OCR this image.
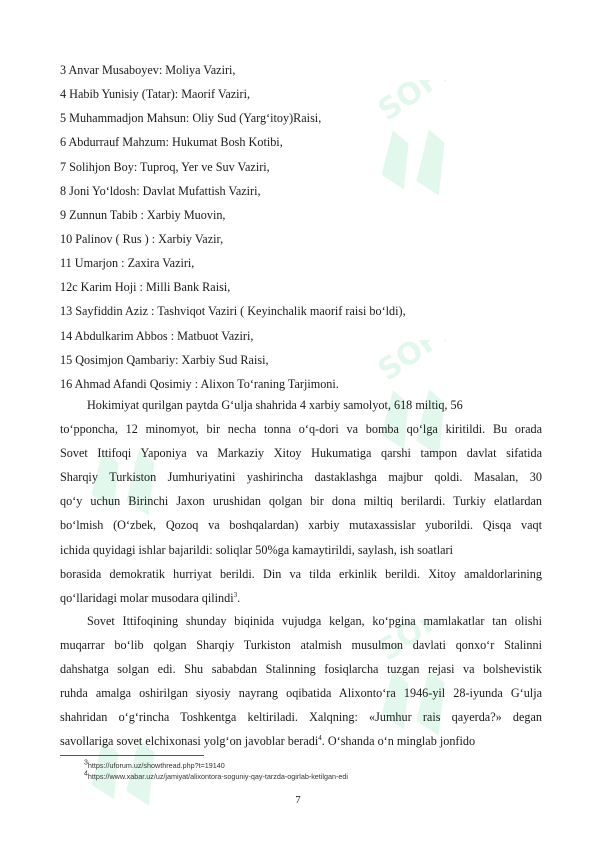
SOFF
SOFF
SOFF
3 Anvar Musaboyev: Moliya Vaziri,
4 Habib Yunisiy (Tatar): Maorif Vaziri,
5 Muhammadjon Mahsun: Oliy Sud (Yarg‘itoy)Raisi,
6 Abdurrauf Mahzum: Hukumat Bosh Kotibi,
7 Solihjon Boy: Tuproq, Yer ve Suv Vaziri,
8 Joni Yo‘ldosh: Davlat Mufattish Vaziri,
9 Zunnun Tabib : Xarbiy Muovin,
10 Palinov ( Rus ) : Xarbiy Vazir,
11 Umarjon : Zaxira Vaziri,
12c Karim Hoji : Milli Bank Raisi,
13 Sayfiddin Aziz : Tashviqot Vaziri ( Keyinchalik maorif raisi bo‘ldi),
14 Abdulkarim Abbos : Matbuot Vaziri,
15 Qosimjon Qambariy: Xarbiy Sud Raisi,
16 Ahmad Afandi Qosimiy : Alixon To‘raning Tarjimoni.
Hokimiyat qurilgan paytda G‘ulja shahrida 4 xarbiy samolyot, 618 miltiq, 56
to‘pponcha, 12 minomyot, bir necha tonna o‘q-dori va bomba qo‘lga kiritildi. Bu orada
Sovet Ittifoqi Yaponiya va Markaziy Xitoy Hukumatiga qarshi tampon davlat sifatida
Sharqiy Turkiston Jumhuriyatini yashirincha dastaklashga majbur qoldi. Masalan, 30
qo‘y uchun Birinchi Jaxon urushidan qolgan bir dona miltiq berilardi. Turkiy elatlardan
bo‘lmish (O‘zbek, Qozoq va boshqalardan) xarbiy mutaxassislar yuborildi. Qisqa vaqt
ichida quyidagi ishlar bajarildi: soliqlar 50%ga kamaytirildi, saylash, ish soatlari
borasida demokratik hurriyat berildi. Din va tilda erkinlik berildi. Xitoy amaldorlarining
qo‘llaridagi molar musodara qilindi$^3$.
Sovet Ittifoqining shunday biqinida vujudga kelgan, ko‘pgina mamlakatlar tan olishi
muqarrar bo‘lib qolgan Sharqiy Turkiston atalmish musulmon davlati qonxo‘r Stalinni
dahshatga solgan edi. Shu sababdan Stalinning fosiqlarcha tuzgan rejasi va bolshevistik
ruhda amalga oshirilgan siyosiy nayrang oqibatida Alixonto‘ra 1946-yil 28-iyunda G‘ulja
shahridan o‘g‘rincha Toshkentga keltiriladi. Xalqning: «Jumhur rais qayerda?» degan
savollariga sovet elchixonasi yolg‘on javoblar beradi$^4$. O‘shanda o‘n minglab jonfido
$^3$https://uforum.uz/showthread.php?t=19140
$^4$https://www.xabar.uz/uz/jamiyat/alixontora-soguniy-qay-tarzda-ogirlab-ketilgan-edi
7
